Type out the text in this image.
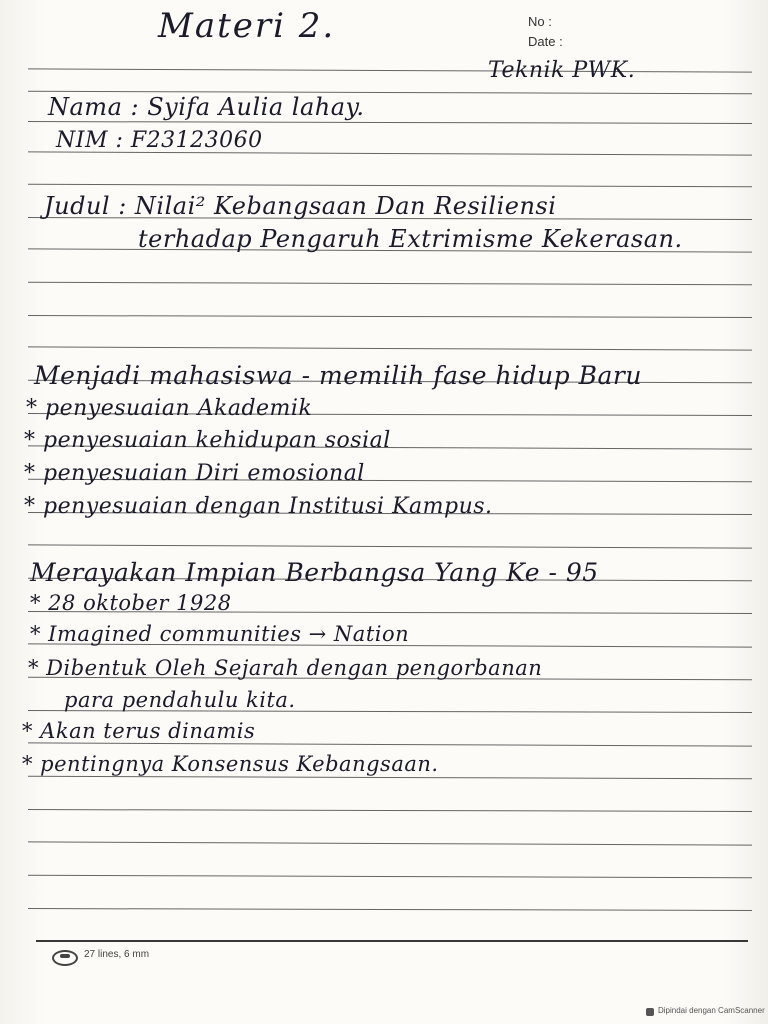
Materi 2.	No :
Date :
Teknik PWK.
Nama : Syifa Aulia lahay.
NIM : F23123060
Judul : Nilai² Kebangsaan Dan Resiliensi
terhadap Pengaruh Extrimisme Kekerasan.
Menjadi mahasiswa - memilih fase hidup Baru
* penyesuaian Akademik
* penyesuaian kehidupan sosial
* penyesuaian Diri emosional
* penyesuaian dengan Institusi Kampus.
Merayakan Impian Berbangsa Yang Ke - 95
* 28 oktober 1928
* Imagined communities → Nation
* Dibentuk Oleh Sejarah dengan pengorbanan
para pendahulu kita.
* Akan terus dinamis
* pentingnya Konsensus Kebangsaan.
27 lines, 6 mm
Dipindai dengan CamScanner
